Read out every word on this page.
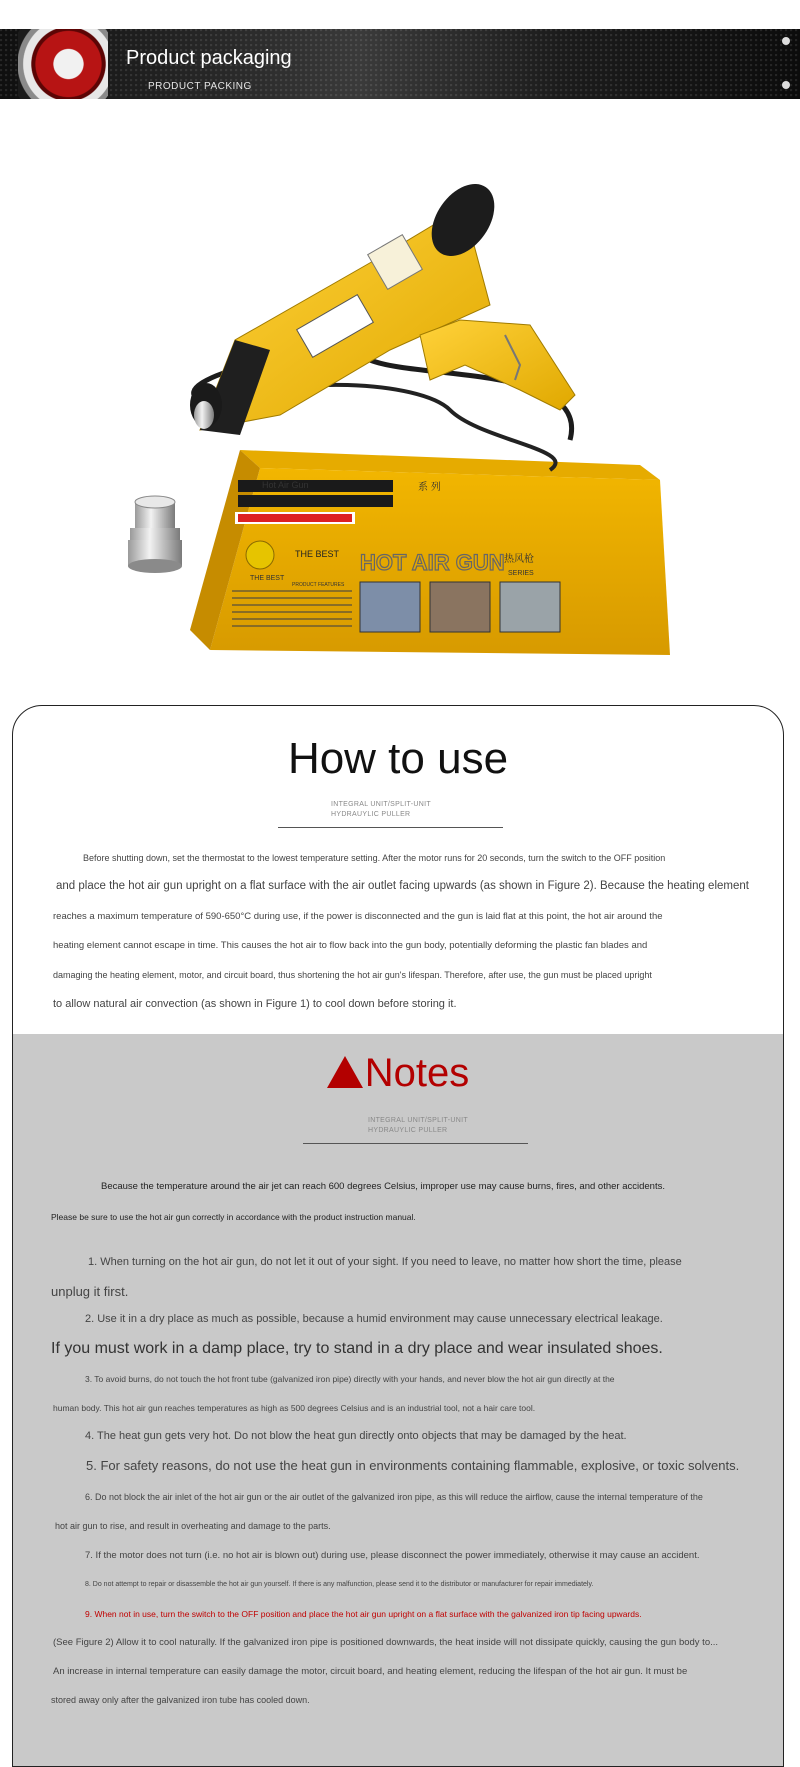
Product packaging
PRODUCT PACKING
Hot Air Gun	系 列
THE BEST
THE BEST HOT AIR GUN 热风枪
SERIES
PRODUCT FEATURES
How to use
INTEGRAL UNIT/SPLIT-UNIT
HYDRAUYLIC PULLER
Before shutting down, set the thermostat to the lowest temperature setting. After the motor runs for 20 seconds, turn the switch to the OFF position
and place the hot air gun upright on a flat surface with the air outlet facing upwards (as shown in Figure 2). Because the heating element
reaches a maximum temperature of 590-650°C during use, if the power is disconnected and the gun is laid flat at this point, the hot air around the
heating element cannot escape in time. This causes the hot air to flow back into the gun body, potentially deforming the plastic fan blades and
damaging the heating element, motor, and circuit board, thus shortening the hot air gun's lifespan. Therefore, after use, the gun must be placed upright
to allow natural air convection (as shown in Figure 1) to cool down before storing it.
Notes
INTEGRAL UNIT/SPLIT-UNIT
HYDRAUYLIC PULLER
Because the temperature around the air jet can reach 600 degrees Celsius, improper use may cause burns, fires, and other accidents.
Please be sure to use the hot air gun correctly in accordance with the product instruction manual.
1. When turning on the hot air gun, do not let it out of your sight. If you need to leave, no matter how short the time, please
unplug it first.
2. Use it in a dry place as much as possible, because a humid environment may cause unnecessary electrical leakage.
If you must work in a damp place, try to stand in a dry place and wear insulated shoes.
3. To avoid burns, do not touch the hot front tube (galvanized iron pipe) directly with your hands, and never blow the hot air gun directly at the
human body. This hot air gun reaches temperatures as high as 500 degrees Celsius and is an industrial tool, not a hair care tool.
4. The heat gun gets very hot. Do not blow the heat gun directly onto objects that may be damaged by the heat.
5. For safety reasons, do not use the heat gun in environments containing flammable, explosive, or toxic solvents.
6. Do not block the air inlet of the hot air gun or the air outlet of the galvanized iron pipe, as this will reduce the airflow, cause the internal temperature of the
hot air gun to rise, and result in overheating and damage to the parts.
7. If the motor does not turn (i.e. no hot air is blown out) during use, please disconnect the power immediately, otherwise it may cause an accident.
8. Do not attempt to repair or disassemble the hot air gun yourself. If there is any malfunction, please send it to the distributor or manufacturer for repair immediately.
9. When not in use, turn the switch to the OFF position and place the hot air gun upright on a flat surface with the galvanized iron tip facing upwards.
(See Figure 2) Allow it to cool naturally. If the galvanized iron pipe is positioned downwards, the heat inside will not dissipate quickly, causing the gun body to...
An increase in internal temperature can easily damage the motor, circuit board, and heating element, reducing the lifespan of the hot air gun. It must be
stored away only after the galvanized iron tube has cooled down.
